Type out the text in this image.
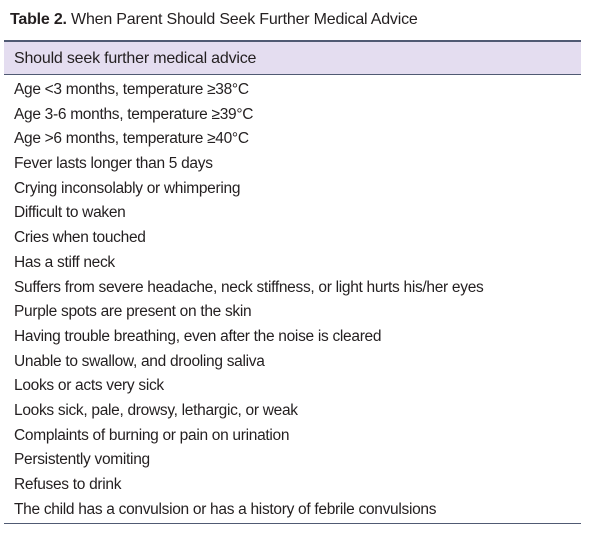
Table 2. When Parent Should Seek Further Medical Advice
Should seek further medical advice
Age <3 months, temperature ≥38°C
Age 3-6 months, temperature ≥39°C
Age >6 months, temperature ≥40°C
Fever lasts longer than 5 days
Crying inconsolably or whimpering
Difficult to waken
Cries when touched
Has a stiff neck
Suffers from severe headache, neck stiffness, or light hurts his/her eyes
Purple spots are present on the skin
Having trouble breathing, even after the noise is cleared
Unable to swallow, and drooling saliva
Looks or acts very sick
Looks sick, pale, drowsy, lethargic, or weak
Complaints of burning or pain on urination
Persistently vomiting
Refuses to drink
The child has a convulsion or has a history of febrile convulsions
